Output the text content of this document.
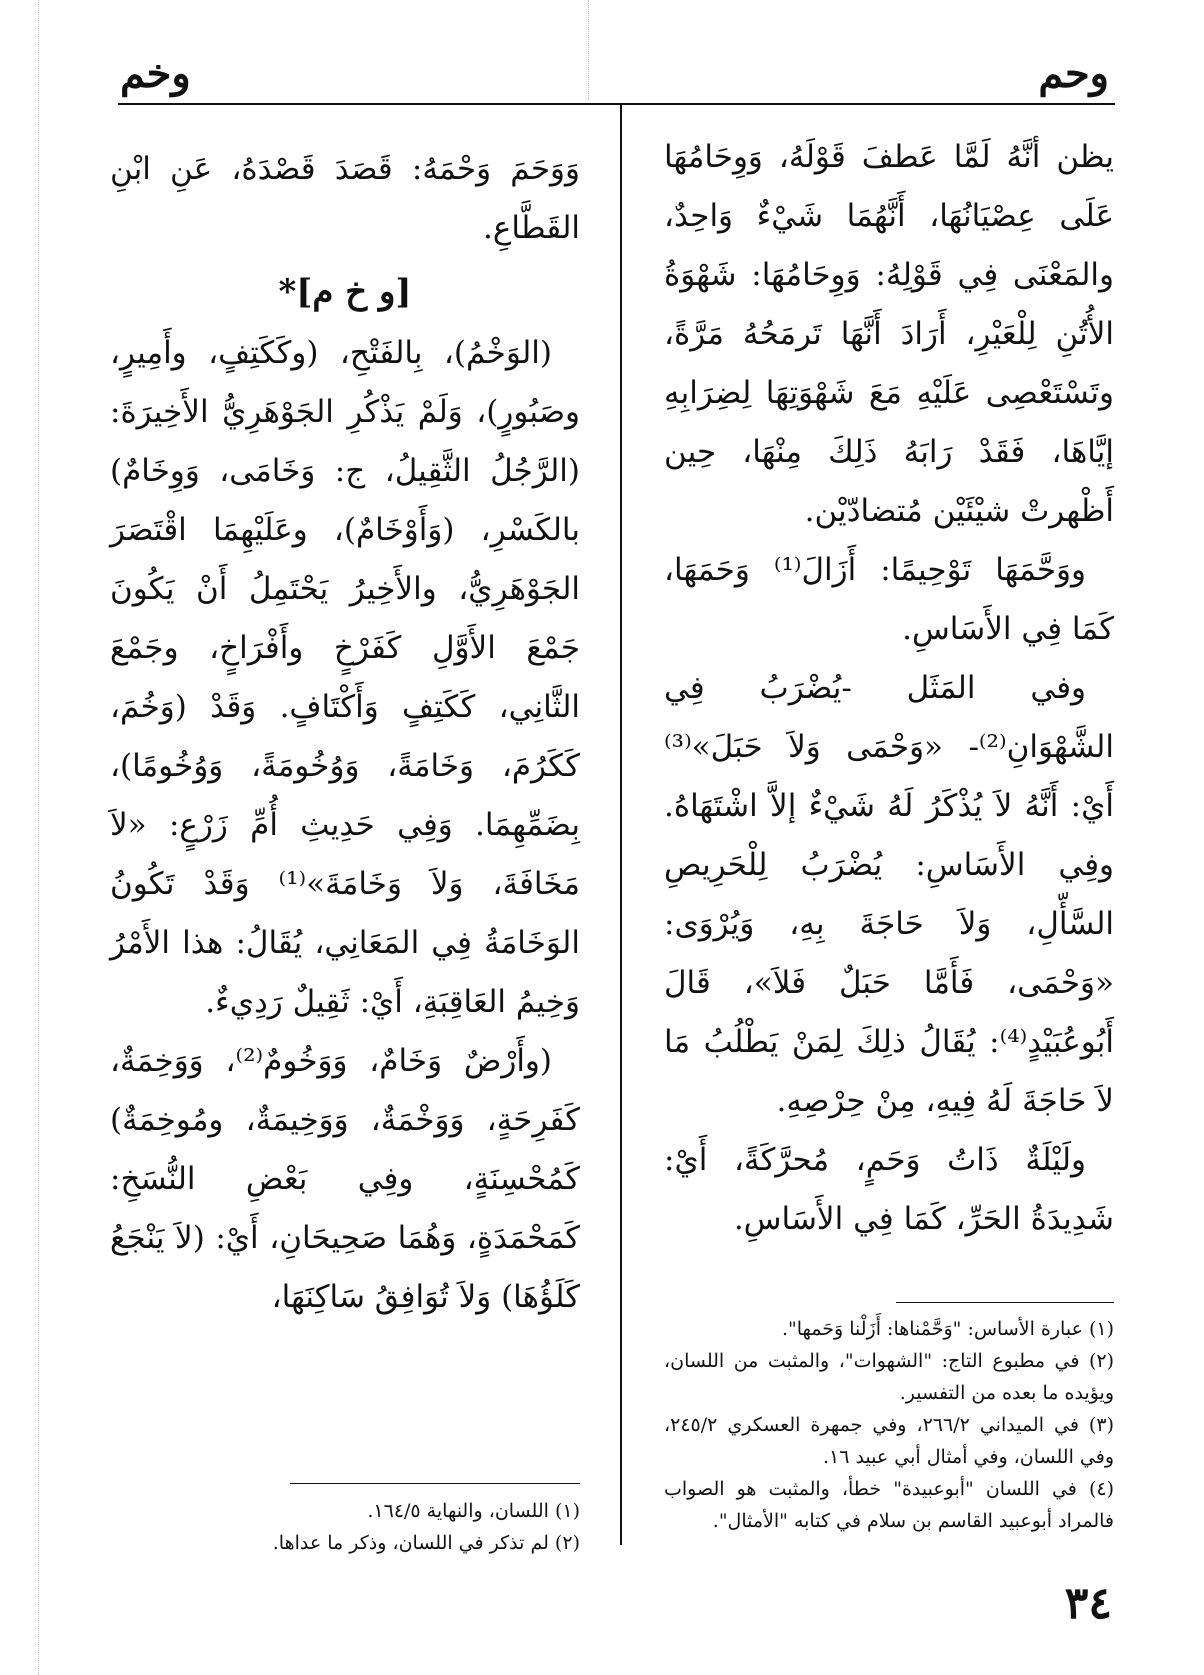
وخم	وحم

يظن أنَّهُ لَمَّا عَطفَ قَوْلَهُ، وَوِحَامُهَا عَلَى عِصْيَانُهَا، أَنَّهُمَا شَيْءٌ وَاحِدٌ، والمَعْنَى فِي قَوْلِهُ: وَوِحَامُهَا: شَهْوَةُ الأُتُنِ لِلْعَيْرِ، أَرَادَ أَنَّهَا تَرمَحُهُ مَرَّةً، وتَسْتَعْصِى عَلَيْهِ مَعَ شَهْوَتِهَا لِضِرَابِهِ إيَّاهَا، فَقَدْ رَابَهُ ذَلِكَ مِنْهَا، حِين أَظْهرتْ شيْئَيْن مُتضادّيْن.

ووَحَّمَهَا تَوْحِيمًا: أَزَالَ⁽¹⁾ وَحَمَهَا، كَمَا فِي الأَسَاسِ.

وفي المَثَل -يُضْرَبُ فِي الشَّهْوَانِ⁽²⁾- «وَحْمَى وَلاَ حَبَلَ»⁽³⁾ أَيْ: أَنَّهُ لاَ يُذْكَرُ لَهُ شَيْءٌ إلاَّ اشْتَهَاهُ. وفِي الأَسَاسِ: يُضْرَبُ لِلْحَرِيصِ السَّأّلِ، وَلاَ حَاجَةَ بِهِ، وَيُرْوَى: «وَحْمَى، فَأَمَّا حَبَلٌ فَلاَ»، قَالَ أَبُوعُبَيْدٍ⁽⁴⁾: يُقَالُ ذلِكَ لِمَنْ يَطْلُبُ مَا لاَ حَاجَةَ لَهُ فِيهِ، مِنْ حِرْصِهِ.

ولَيْلَةٌ ذَاتُ وَحَمٍ، مُحرَّكَةً، أَيْ: شَدِيدَةُ الحَرِّ، كَمَا فِي الأَسَاسِ.

(١) عبارة الأساس: "وَحَّمْناها: أَزَلْنا وَحَمها".

(٢) في مطبوع التاج: "الشهوات"، والمثبت من اللسان، ويؤيده ما بعده من التفسير.

(٣) في الميداني ٢٦٦/٢، وفي جمهرة العسكري ٢٤٥/٢، وفي اللسان، وفي أمثال أبي عبيد ١٦.

(٤) في اللسان "أبوعبيدة" خطأ، والمثبت هو الصواب فالمراد أبوعبيد القاسم بن سلام في كتابه "الأمثال".

وَوَحَمَ وَحْمَهُ: قَصَدَ قَصْدَهُ، عَنِ ابْنِ القَطَّاعِ.

[و خ م]*

(الوَخْمُ)، بِالفَتْحِ، (وكَكَتِفٍ، وأَمِيرٍ، وصَبُورٍ)، وَلَمْ يَذْكُرِ الجَوْهَرِيُّ الأَخِيرَةَ: (الرَّجُلُ الثَّقِيلُ، ج: وَخَامَى، وَوِخَامٌ) بالكَسْرِ، (وَأَوْخَامٌ)، وعَلَيْهِمَا اقْتَصَرَ الجَوْهَرِيُّ، والأَخِيرُ يَحْتَمِلُ أَنْ يَكُونَ جَمْعَ الأَوَّلِ كَفَرْخٍ وأَفْرَاخٍ، وجَمْعَ الثَّانِي، كَكَتِفٍ وَأَكْتَافٍ. وَقَدْ (وَخُمَ، كَكَرُمَ، وَخَامَةً، وَوُخُومَةً، وَوُخُومًا)، بِضَمِّهِمَا. وَفِي حَدِيثِ أُمِّ زَرْعٍ: «لاَ مَخَافَةَ، وَلاَ وَخَامَةَ»⁽¹⁾ وَقَدْ تَكُونُ الوَخَامَةُ فِي المَعَانِي، يُقَالُ: هذا الأَمْرُ وَخِيمُ العَاقِبَةِ، أَيْ: ثَقِيلٌ رَدِيءٌ.

(وأَرْضٌ وَخَامٌ، وَوَخُومٌ⁽²⁾، وَوَخِمَةٌ، كَفَرِحَةٍ، وَوَخْمَةٌ، وَوَخِيمَةٌ، ومُوخِمَةٌ) كَمُحْسِنَةٍ، وفِي بَعْضِ النُّسَخِ: كَمَحْمَدَةٍ، وَهُمَا صَحِيحَانِ، أَيْ: (لاَ يَنْجَعُ كَلَؤُهَا) وَلاَ تُوَافِقُ سَاكِنَهَا،

(١) اللسان، والنهاية ١٦٤/٥.

(٢) لم تذكر في اللسان، وذكر ما عداها.

٣٤
